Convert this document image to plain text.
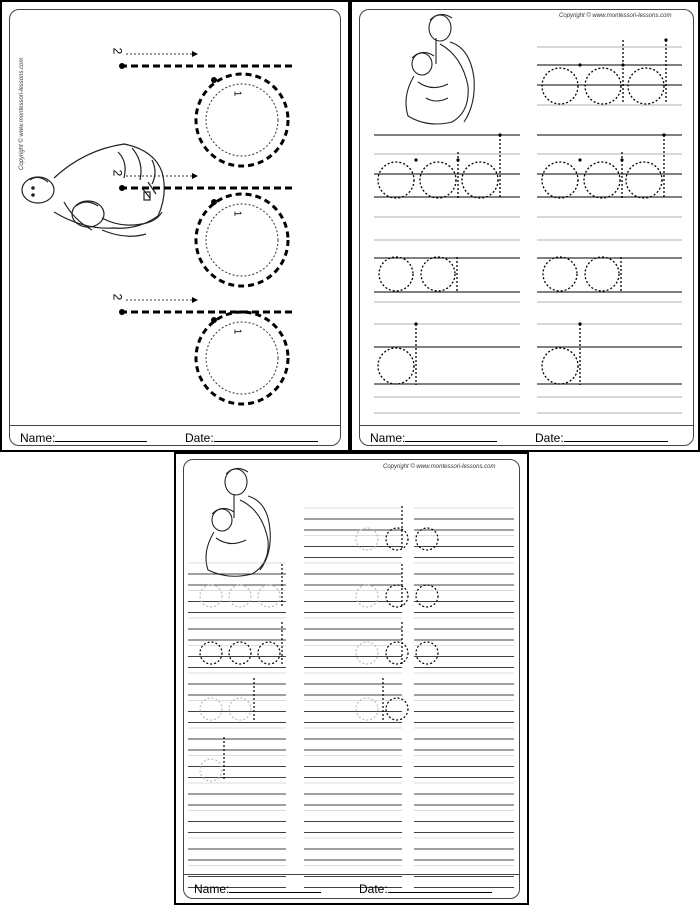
Copyright © www.montessori-lessons.com
2
2
2
1
1
1
Name:	Date:
Copyright © www.montessori-lessons.com
Name:	Date:
Copyright © www.montessori-lessons.com
Name:	Date:
